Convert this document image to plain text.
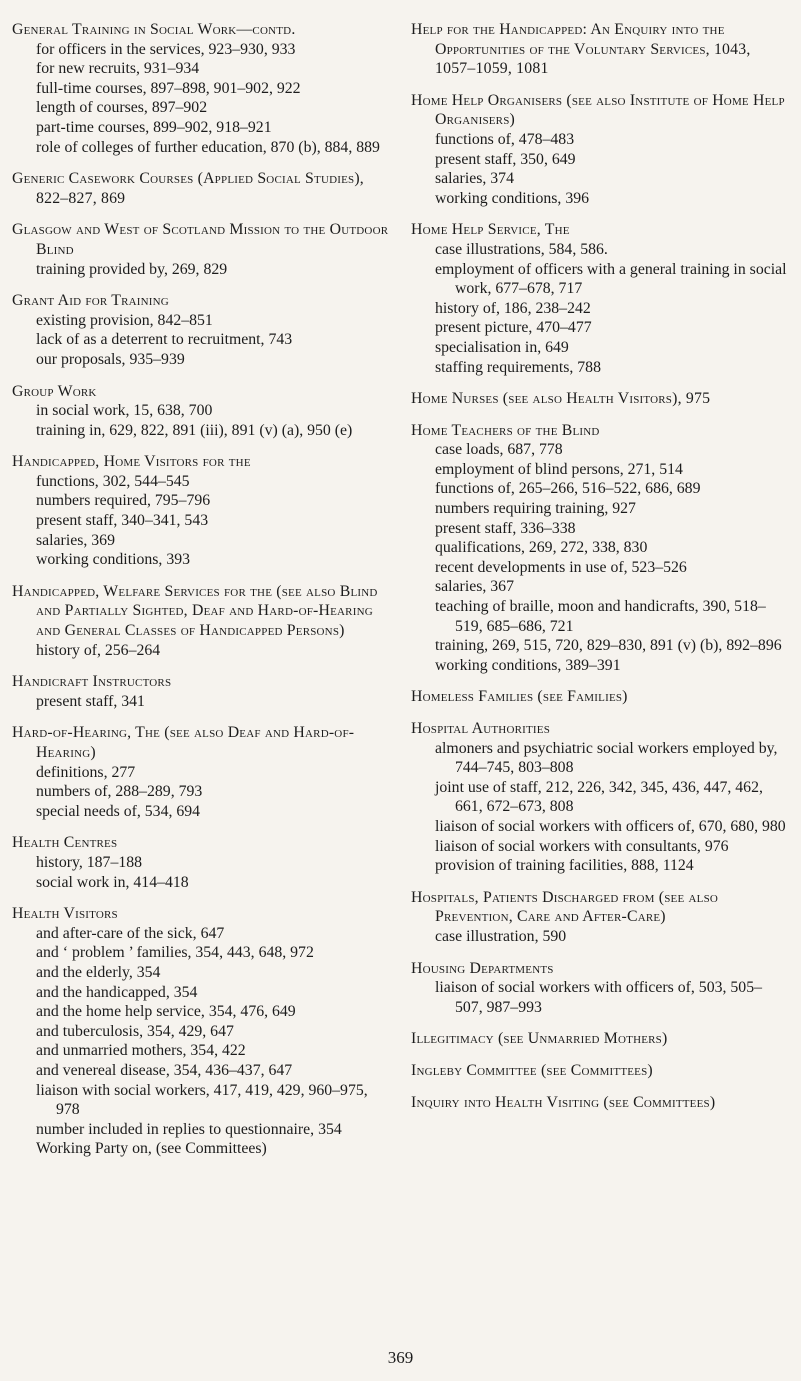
General Training in Social Work—contd.
for officers in the services, 923–930, 933
for new recruits, 931–934
full-time courses, 897–898, 901–902, 922
length of courses, 897–902
part-time courses, 899–902, 918–921
role of colleges of further education, 870 (b), 884, 889
Generic Casework Courses (Applied Social Studies), 822–827, 869
Glasgow and West of Scotland Mission to the Outdoor Blind
training provided by, 269, 829
Grant Aid for Training
existing provision, 842–851
lack of as a deterrent to recruitment, 743
our proposals, 935–939
Group Work
in social work, 15, 638, 700
training in, 629, 822, 891 (iii), 891 (v) (a), 950 (e)
Handicapped, Home Visitors for the
functions, 302, 544–545
numbers required, 795–796
present staff, 340–341, 543
salaries, 369
working conditions, 393
Handicapped, Welfare Services for the (see also Blind and Partially Sighted, Deaf and Hard-of-Hearing and General Classes of Handicapped Persons)
history of, 256–264
Handicraft Instructors
present staff, 341
Hard-of-Hearing, The (see also Deaf and Hard-of-Hearing)
definitions, 277
numbers of, 288–289, 793
special needs of, 534, 694
Health Centres
history, 187–188
social work in, 414–418
Health Visitors
and after-care of the sick, 647
and ‘ problem ’ families, 354, 443, 648, 972
and the elderly, 354
and the handicapped, 354
and the home help service, 354, 476, 649
and tuberculosis, 354, 429, 647
and unmarried mothers, 354, 422
and venereal disease, 354, 436–437, 647
liaison with social workers, 417, 419, 429, 960–975, 978
number included in replies to questionnaire, 354
Working Party on, (see Committees)
Help for the Handicapped: An Enquiry into the Opportunities of the Voluntary Services, 1043, 1057–1059, 1081
Home Help Organisers (see also Institute of Home Help Organisers)
functions of, 478–483
present staff, 350, 649
salaries, 374
working conditions, 396
Home Help Service, The
case illustrations, 584, 586.
employment of officers with a general training in social work, 677–678, 717
history of, 186, 238–242
present picture, 470–477
specialisation in, 649
staffing requirements, 788
Home Nurses (see also Health Visitors), 975
Home Teachers of the Blind
case loads, 687, 778
employment of blind persons, 271, 514
functions of, 265–266, 516–522, 686, 689
numbers requiring training, 927
present staff, 336–338
qualifications, 269, 272, 338, 830
recent developments in use of, 523–526
salaries, 367
teaching of braille, moon and handicrafts, 390, 518–519, 685–686, 721
training, 269, 515, 720, 829–830, 891 (v) (b), 892–896
working conditions, 389–391
Homeless Families (see Families)
Hospital Authorities
almoners and psychiatric social workers employed by, 744–745, 803–808
joint use of staff, 212, 226, 342, 345, 436, 447, 462, 661, 672–673, 808
liaison of social workers with officers of, 670, 680, 980
liaison of social workers with consultants, 976
provision of training facilities, 888, 1124
Hospitals, Patients Discharged from (see also Prevention, Care and After-Care)
case illustration, 590
Housing Departments
liaison of social workers with officers of, 503, 505–507, 987–993
Illegitimacy (see Unmarried Mothers)
Ingleby Committee (see Committees)
Inquiry into Health Visiting (see Committees)
369
